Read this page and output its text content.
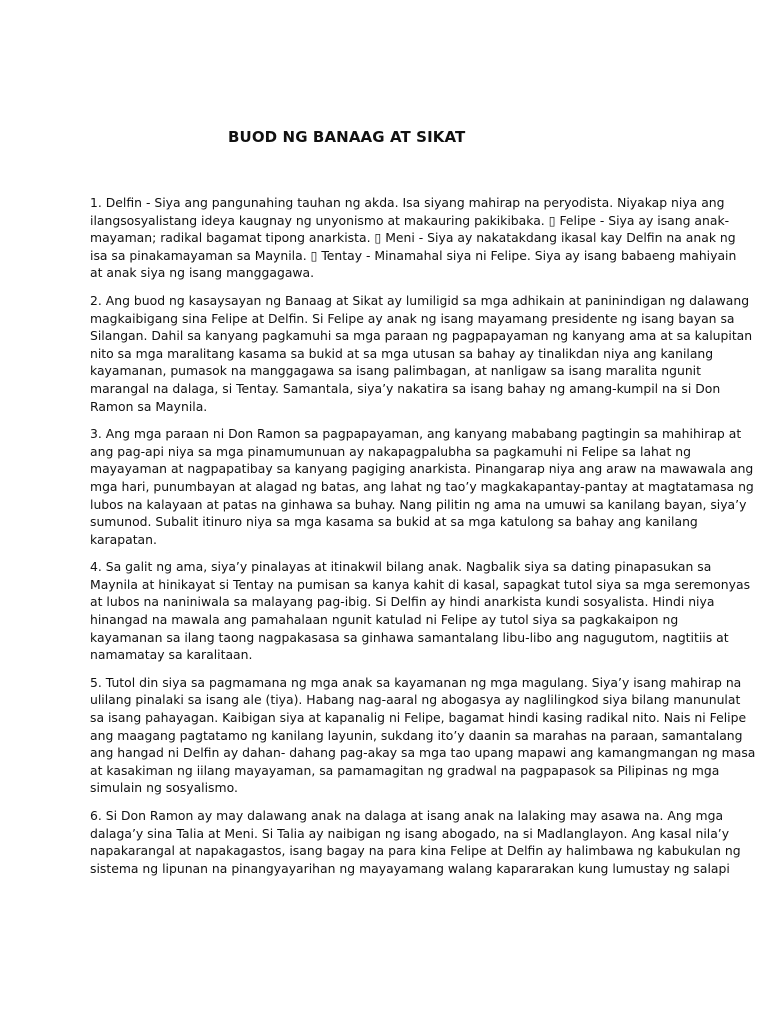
BUOD NG BANAAG AT SIKAT
1. Delfin - Siya ang pangunahing tauhan ng akda. Isa siyang mahirap na peryodista. Niyakap niya ang
ilangsosyalistang ideya kaugnay ng unyonismo at makauring pakikibaka. ▯ Felipe - Siya ay isang anak-
mayaman; radikal bagamat tipong anarkista. ▯ Meni - Siya ay nakatakdang ikasal kay Delfin na anak ng
isa sa pinakamayaman sa Maynila. ▯ Tentay - Minamahal siya ni Felipe. Siya ay isang babaeng mahiyain
at anak siya ng isang manggagawa.
2. Ang buod ng kasaysayan ng Banaag at Sikat ay lumiligid sa mga adhikain at paninindigan ng dalawang
magkaibigang sina Felipe at Delfin. Si Felipe ay anak ng isang mayamang presidente ng isang bayan sa
Silangan. Dahil sa kanyang pagkamuhi sa mga paraan ng pagpapayaman ng kanyang ama at sa kalupitan
nito sa mga maralitang kasama sa bukid at sa mga utusan sa bahay ay tinalikdan niya ang kanilang
kayamanan, pumasok na manggagawa sa isang palimbagan, at nanligaw sa isang maralita ngunit
marangal na dalaga, si Tentay. Samantala, siya’y nakatira sa isang bahay ng amang-kumpil na si Don
Ramon sa Maynila.
3. Ang mga paraan ni Don Ramon sa pagpapayaman, ang kanyang mababang pagtingin sa mahihirap at
ang pag-api niya sa mga pinamumunuan ay nakapagpalubha sa pagkamuhi ni Felipe sa lahat ng
mayayaman at nagpapatibay sa kanyang pagiging anarkista. Pinangarap niya ang araw na mawawala ang
mga hari, punumbayan at alagad ng batas, ang lahat ng tao’y magkakapantay-pantay at magtatamasa ng
lubos na kalayaan at patas na ginhawa sa buhay. Nang pilitin ng ama na umuwi sa kanilang bayan, siya’y
sumunod. Subalit itinuro niya sa mga kasama sa bukid at sa mga katulong sa bahay ang kanilang
karapatan.
4. Sa galit ng ama, siya’y pinalayas at itinakwil bilang anak. Nagbalik siya sa dating pinapasukan sa
Maynila at hinikayat si Tentay na pumisan sa kanya kahit di kasal, sapagkat tutol siya sa mga seremonyas
at lubos na naniniwala sa malayang pag-ibig. Si Delfin ay hindi anarkista kundi sosyalista. Hindi niya
hinangad na mawala ang pamahalaan ngunit katulad ni Felipe ay tutol siya sa pagkakaipon ng
kayamanan sa ilang taong nagpakasasa sa ginhawa samantalang libu-libo ang nagugutom, nagtitiis at
namamatay sa karalitaan.
5. Tutol din siya sa pagmamana ng mga anak sa kayamanan ng mga magulang. Siya’y isang mahirap na
ulilang pinalaki sa isang ale (tiya). Habang nag-aaral ng abogasya ay naglilingkod siya bilang manunulat
sa isang pahayagan. Kaibigan siya at kapanalig ni Felipe, bagamat hindi kasing radikal nito. Nais ni Felipe
ang maagang pagtatamo ng kanilang layunin, sukdang ito’y daanin sa marahas na paraan, samantalang
ang hangad ni Delfin ay dahan- dahang pag-akay sa mga tao upang mapawi ang kamangmangan ng masa
at kasakiman ng iilang mayayaman, sa pamamagitan ng gradwal na pagpapasok sa Pilipinas ng mga
simulain ng sosyalismo.
6. Si Don Ramon ay may dalawang anak na dalaga at isang anak na lalaking may asawa na. Ang mga
dalaga’y sina Talia at Meni. Si Talia ay naibigan ng isang abogado, na si Madlanglayon. Ang kasal nila’y
napakarangal at napakagastos, isang bagay na para kina Felipe at Delfin ay halimbawa ng kabukulan ng
sistema ng lipunan na pinangyayarihan ng mayayamang walang kapararakan kung lumustay ng salapi
